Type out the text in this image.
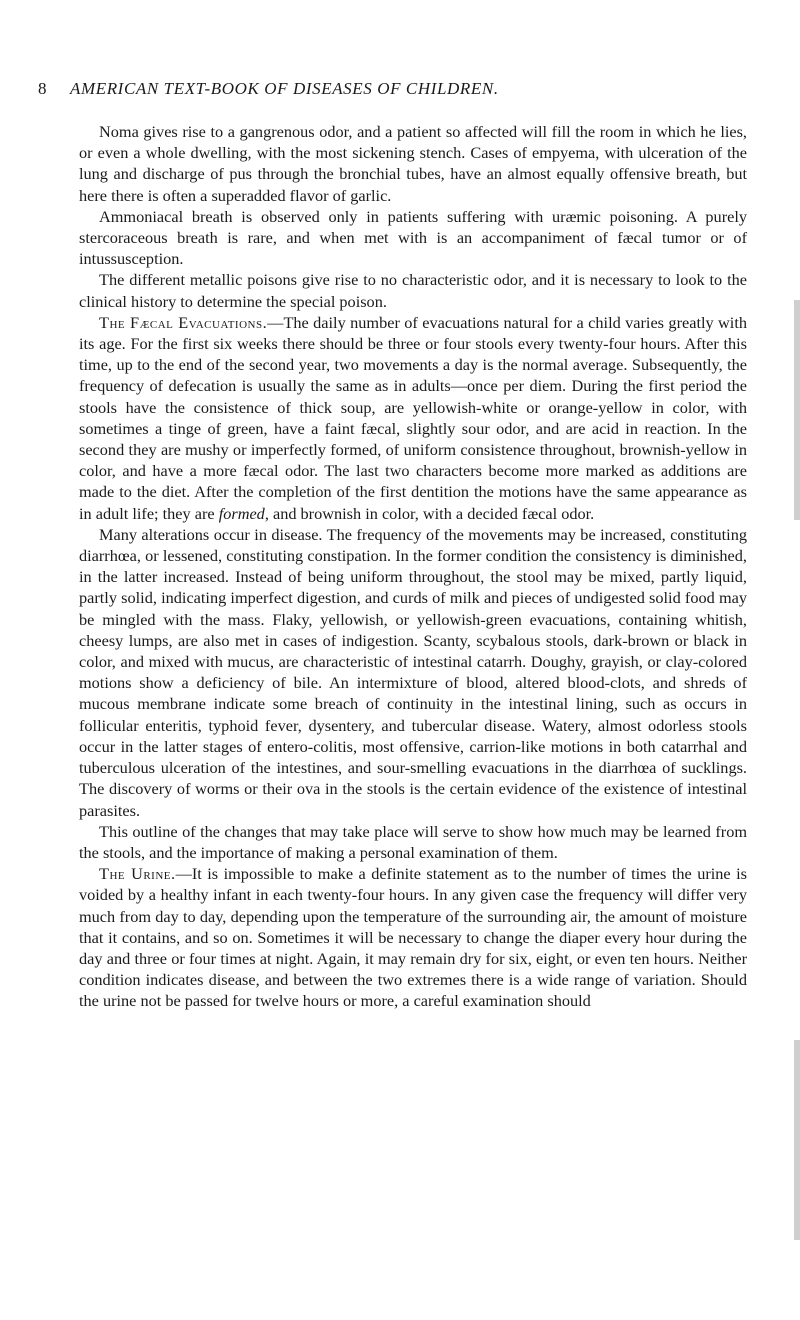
8 AMERICAN TEXT-BOOK OF DISEASES OF CHILDREN.

Noma gives rise to a gangrenous odor, and a patient so affected will fill the room in which he lies, or even a whole dwelling, with the most sickening stench. Cases of empyema, with ulceration of the lung and discharge of pus through the bronchial tubes, have an almost equally offensive breath, but here there is often a superadded flavor of garlic.

Ammoniacal breath is observed only in patients suffering with uræmic poisoning. A purely stercoraceous breath is rare, and when met with is an accompaniment of fæcal tumor or of intussusception.

The different metallic poisons give rise to no characteristic odor, and it is necessary to look to the clinical history to determine the special poison.

The Fæcal Evacuations.—The daily number of evacuations natural for a child varies greatly with its age. For the first six weeks there should be three or four stools every twenty-four hours. After this time, up to the end of the second year, two movements a day is the normal average. Subsequently, the frequency of defecation is usually the same as in adults—once per diem. During the first period the stools have the consistence of thick soup, are yellowish-white or orange-yellow in color, with sometimes a tinge of green, have a faint fæcal, slightly sour odor, and are acid in reaction. In the second they are mushy or imperfectly formed, of uniform consistence throughout, brownish-yellow in color, and have a more fæcal odor. The last two characters become more marked as additions are made to the diet. After the completion of the first dentition the motions have the same appearance as in adult life; they are formed, and brownish in color, with a decided fæcal odor.

Many alterations occur in disease. The frequency of the movements may be increased, constituting diarrhœa, or lessened, constituting constipation. In the former condition the consistency is diminished, in the latter increased. Instead of being uniform throughout, the stool may be mixed, partly liquid, partly solid, indicating imperfect digestion, and curds of milk and pieces of undigested solid food may be mingled with the mass. Flaky, yellowish, or yellowish-green evacuations, containing whitish, cheesy lumps, are also met in cases of indigestion. Scanty, scybalous stools, dark-brown or black in color, and mixed with mucus, are characteristic of intestinal catarrh. Doughy, grayish, or clay-colored motions show a deficiency of bile. An intermixture of blood, altered blood-clots, and shreds of mucous membrane indicate some breach of continuity in the intestinal lining, such as occurs in follicular enteritis, typhoid fever, dysentery, and tubercular disease. Watery, almost odorless stools occur in the latter stages of entero-colitis, most offensive, carrion-like motions in both catarrhal and tuberculous ulceration of the intestines, and sour-smelling evacuations in the diarrhœa of sucklings. The discovery of worms or their ova in the stools is the certain evidence of the existence of intestinal parasites.

This outline of the changes that may take place will serve to show how much may be learned from the stools, and the importance of making a personal examination of them.

The Urine.—It is impossible to make a definite statement as to the number of times the urine is voided by a healthy infant in each twenty-four hours. In any given case the frequency will differ very much from day to day, depending upon the temperature of the surrounding air, the amount of moisture that it contains, and so on. Sometimes it will be necessary to change the diaper every hour during the day and three or four times at night. Again, it may remain dry for six, eight, or even ten hours. Neither condition indicates disease, and between the two extremes there is a wide range of variation. Should the urine not be passed for twelve hours or more, a careful examination should
